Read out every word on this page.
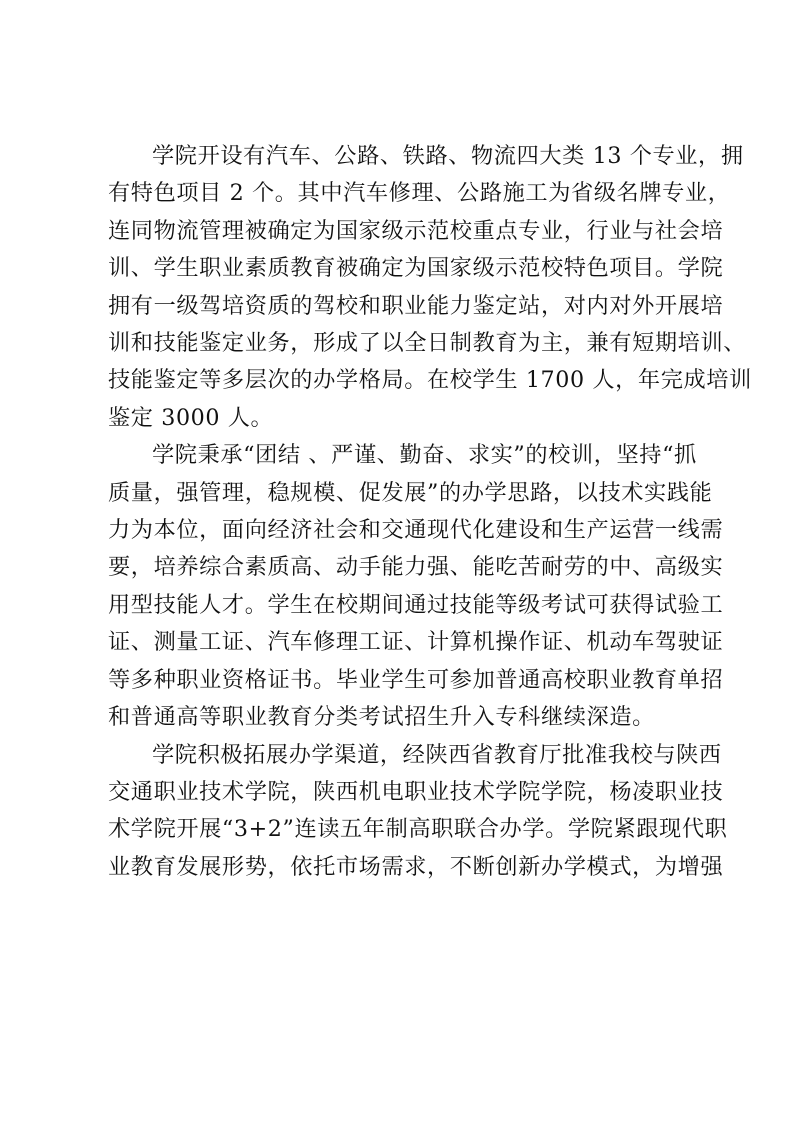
学院开设有汽车、公路、铁路、物流四大类 13 个专业，拥
有特色项目 2 个。其中汽车修理、公路施工为省级名牌专业，
连同物流管理被确定为国家级示范校重点专业，行业与社会培
训、学生职业素质教育被确定为国家级示范校特色项目。学院
拥有一级驾培资质的驾校和职业能力鉴定站，对内对外开展培
训和技能鉴定业务，形成了以全日制教育为主，兼有短期培训、
技能鉴定等多层次的办学格局。在校学生 1700 人，年完成培训
鉴定 3000 人。
学院秉承“团结 、严谨、勤奋、求实”的校训，坚持“抓
质量，强管理，稳规模、促发展”的办学思路，以技术实践能
力为本位，面向经济社会和交通现代化建设和生产运营一线需
要，培养综合素质高、动手能力强、能吃苦耐劳的中、高级实
用型技能人才。学生在校期间通过技能等级考试可获得试验工
证、测量工证、汽车修理工证、计算机操作证、机动车驾驶证
等多种职业资格证书。毕业学生可参加普通高校职业教育单招
和普通高等职业教育分类考试招生升入专科继续深造。
学院积极拓展办学渠道，经陕西省教育厅批准我校与陕西
交通职业技术学院，陕西机电职业技术学院学院，杨凌职业技
术学院开展“3+2”连读五年制高职联合办学。学院紧跟现代职
业教育发展形势，依托市场需求，不断创新办学模式，为增强
